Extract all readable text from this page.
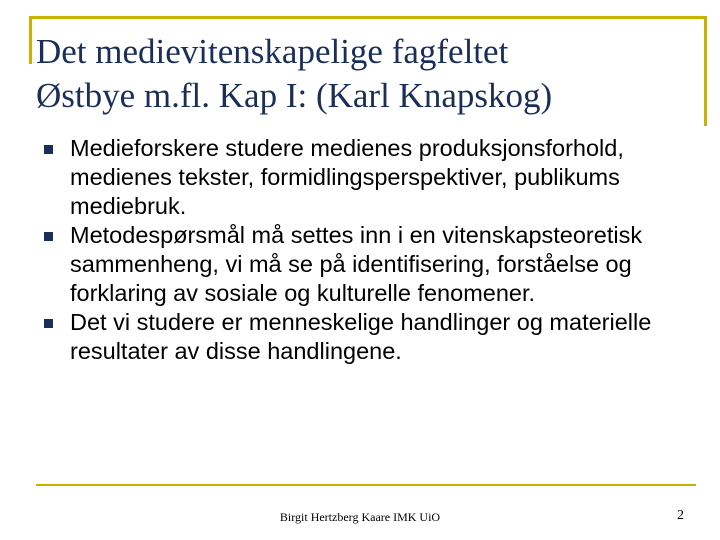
Det medievitenskapelige fagfeltet
Østbye m.fl. Kap I: (Karl Knapskog)
Medieforskere studere medienes produksjonsforhold, medienes tekster, formidlingsperspektiver, publikums mediebruk.
Metodespørsmål må settes inn i en vitenskapsteoretisk sammenheng, vi må se på identifisering, forståelse og forklaring av sosiale og kulturelle fenomener.
Det vi studere er menneskelige handlinger og materielle resultater av disse handlingene.
Birgit Hertzberg Kaare IMK UiO	2
